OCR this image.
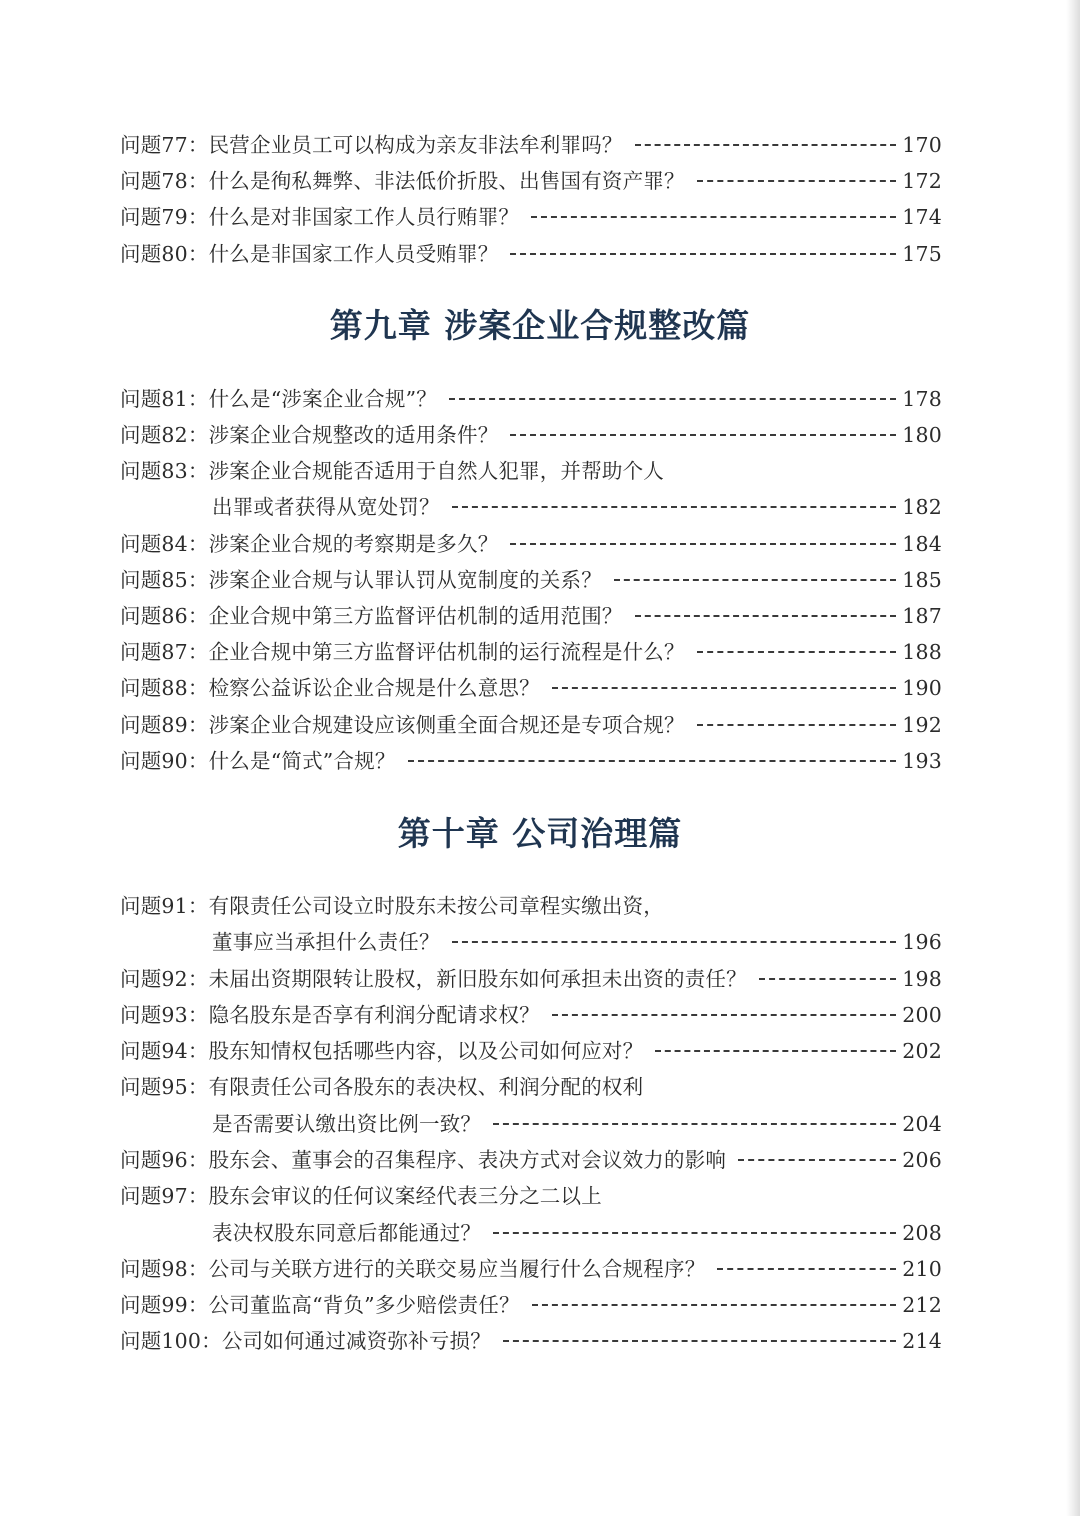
问题77 ： 民营企业员工可以构成为亲友非法牟利罪吗？	170
问题78 ： 什么是徇私舞弊、非法低价折股、出售国有资产罪？	172
问题79 ： 什么是对非国家工作人员行贿罪？	174
问题80 ： 什么是非国家工作人员受贿罪？	175
第九章 涉案企业合规整改篇
问题81 ： 什么是“涉案企业合规”？	178
问题82 ： 涉案企业合规整改的适用条件？	180
问题83 ： 涉案企业合规能否适用于自然人犯罪，并帮助个人
出罪或者获得从宽处罚？	182
问题84 ： 涉案企业合规的考察期是多久？	184
问题85 ： 涉案企业合规与认罪认罚从宽制度的关系？	185
问题86 ： 企业合规中第三方监督评估机制的适用范围？	187
问题87 ： 企业合规中第三方监督评估机制的运行流程是什么？	188
问题88 ： 检察公益诉讼企业合规是什么意思？	190
问题89 ： 涉案企业合规建设应该侧重全面合规还是专项合规？	192
问题90 ： 什么是“简式”合规？	193
第十章 公司治理篇
问题91 ： 有限责任公司设立时股东未按公司章程实缴出资，
董事应当承担什么责任？	196
问题92 ： 未届出资期限转让股权，新旧股东如何承担未出资的责任？	198
问题93 ： 隐名股东是否享有利润分配请求权？	200
问题94 ： 股东知情权包括哪些内容，以及公司如何应对？	202
问题95 ： 有限责任公司各股东的表决权、利润分配的权利
是否需要认缴出资比例一致？	204
问题96 ： 股东会、董事会的召集程序、表决方式对会议效力的影响	206
问题97 ： 股东会审议的任何议案经代表三分之二以上
表决权股东同意后都能通过？	208
问题98 ： 公司与关联方进行的关联交易应当履行什么合规程序？	210
问题99 ： 公司董监高“背负”多少赔偿责任？	212
问题100 ： 公司如何通过减资弥补亏损？	214
